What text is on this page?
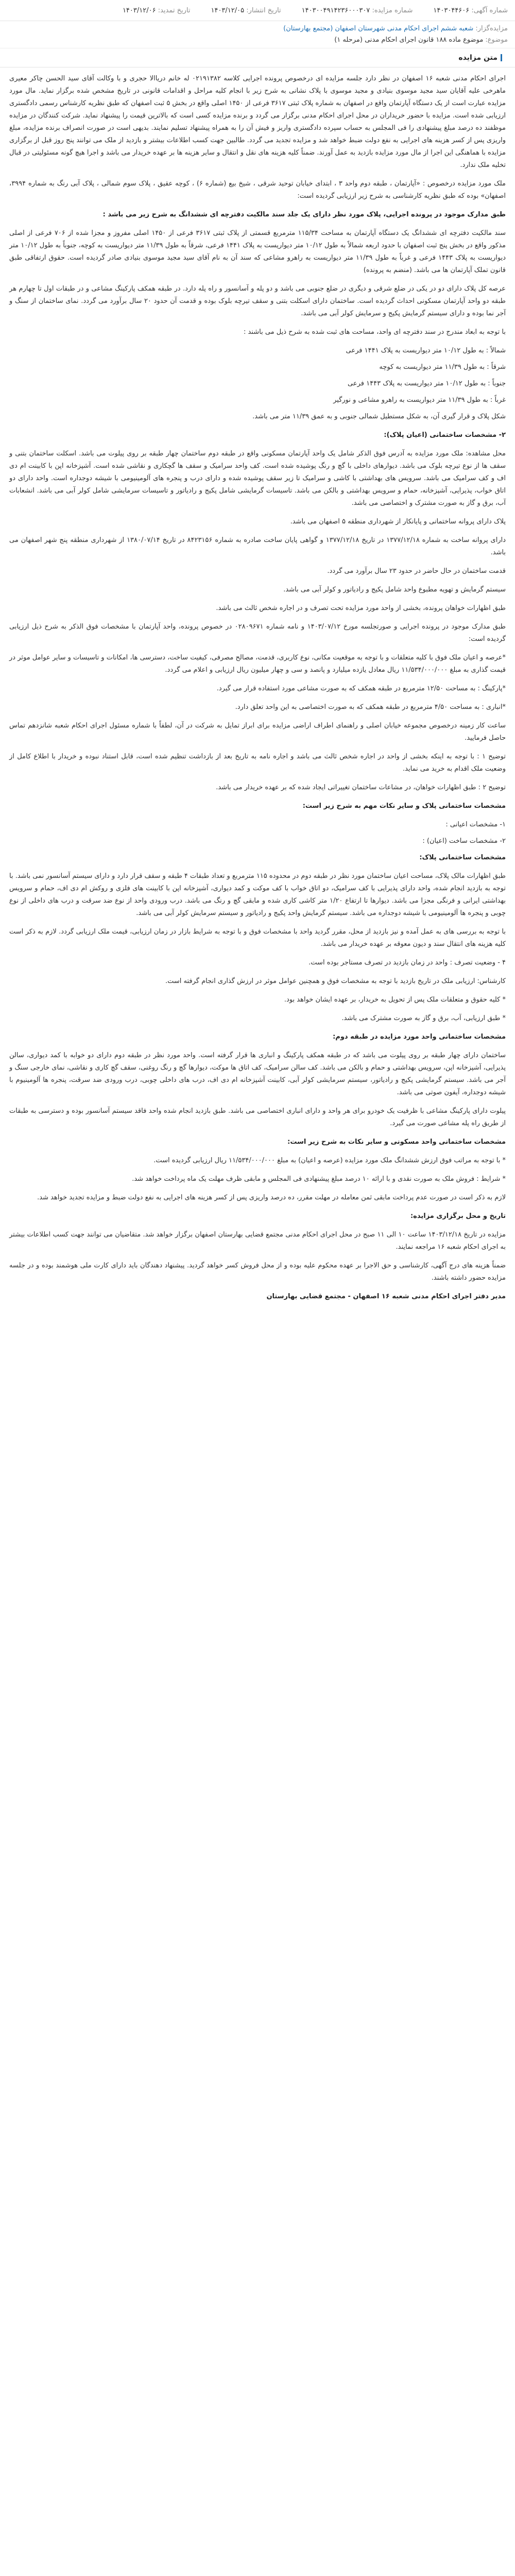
شماره آگهی: ۱۴۰۳۰۴۴۶۰۶
شماره مزایده: ۱۴۰۳۰۰۴۹۱۴۲۳۶۰۰۰۳۰۷
تاریخ انتشار: ۱۴۰۳/۱۲/۰۵
تاریخ تمدید: ۱۴۰۳/۱۲/۰۶
مزایده‌گزار: شعبه ششم اجرای احکام مدنی شهرستان اصفهان (مجتمع بهارستان)
موضوع: موضوع ماده ۱۸۸ قانون اجرای احکام مدنی (مرحله ۱)
متن مزایده

اجرای احکام مدنی شعبه ۱۶ اصفهان در نظر دارد جلسه مزایده ای درخصوص پرونده اجرایی کلاسه ۰۲۱۹۱۳۸۲ له خانم دریاالا حجری و با وکالت آقای سید الحسن چاکر معیری ماهرخی علیه آقایان سید مجید موسوی بنیادی و مجید موسوی با پلاک نشانی به شرح زیر با انجام کلیه مراحل و اقدامات قانونی در تاریخ مشخص شده برگزار نماید. مال مورد مزایده عبارت است از یک دستگاه آپارتمان واقع در اصفهان به شماره پلاک ثبتی ۳۶۱۷ فرعی از ۱۴۵۰ اصلی واقع در بخش ۵ ثبت اصفهان که طبق نظریه کارشناس رسمی دادگستری ارزیابی شده است. مزایده با حضور خریداران در محل اجرای احکام مدنی برگزار می گردد و برنده مزایده کسی است که بالاترین قیمت را پیشنهاد نماید. شرکت کنندگان در مزایده موظفند ده درصد مبلغ پیشنهادی را فی المجلس به حساب سپرده دادگستری واریز و فیش آن را به همراه پیشنهاد تسلیم نمایند. بدیهی است در صورت انصراف برنده مزایده، مبلغ واریزی پس از کسر هزینه های اجرایی به نفع دولت ضبط خواهد شد و مزایده تجدید می گردد. طالبین جهت کسب اطلاعات بیشتر و بازدید از ملک می توانند پنج روز قبل از برگزاری مزایده با هماهنگی این اجرا از مال مورد مزایده بازدید به عمل آورند. ضمناً کلیه هزینه های نقل و انتقال و سایر هزینه ها بر عهده خریدار می باشد و اجرا هیچ گونه مسئولیتی در قبال تخلیه ملک ندارد.

ملک مورد مزایده درخصوص : «آپارتمان ، طبقه دوم واحد ۳ ، ابتدای خیابان توحید شرقی ، شیخ بیع (شماره ۶) ، کوچه عقیق ، پلاک سوم شمالی ، پلاک آبی رنگ به شماره ۳۹۹۴، اصفهان» بوده که طبق نظریه کارشناسی به شرح زیر ارزیابی گردیده است:

طبق مدارک موجود در پرونده اجرایی، پلاک مورد نظر دارای یک جلد سند مالکیت دفترچه ای ششدانگ به شرح زیر می باشد :

سند مالکیت دفترچه ای ششدانگ یک دستگاه آپارتمان به مساحت ۱۱۵/۳۴ مترمربع قسمتی از پلاک ثبتی ۳۶۱۷ فرعی از ۱۴۵۰ اصلی مفروز و مجزا شده از ۷۰۶ فرعی از اصلی مذکور واقع در بخش پنج ثبت اصفهان با حدود اربعه شمالاً به طول ۱۰/۱۲ متر دیواریست به پلاک ۱۴۴۱ فرعی، شرقاً به طول ۱۱/۳۹ متر دیواریست به کوچه، جنوباً به طول ۱۰/۱۲ متر دیواریست به پلاک ۱۴۴۳ فرعی و غرباً به طول ۱۱/۳۹ متر دیواریست به راهرو مشاعی که سند آن به نام آقای سید مجید موسوی بنیادی صادر گردیده است. حقوق ارتفاقی طبق قانون تملک آپارتمان ها می باشد. (منضم به پرونده)

عرصه کل پلاک دارای دو در یکی در ضلع شرقی و دیگری در ضلع جنوبی می باشد و دو پله و آسانسور و راه پله دارد. در طبقه همکف پارکینگ مشاعی و در طبقات اول تا چهارم هر طبقه دو واحد آپارتمان مسکونی احداث گردیده است. ساختمان دارای اسکلت بتنی و سقف تیرچه بلوک بوده و قدمت آن حدود ۲۰ سال برآورد می گردد. نمای ساختمان از سنگ و آجر نما بوده و دارای سیستم گرمایش پکیج و سرمایش کولر آبی می باشد.

با توجه به ابعاد مندرج در سند دفترچه ای واحد، مساحت های ثبت شده به شرح ذیل می باشند :

شمالاً : به طول ۱۰/۱۲ متر دیواریست به پلاک ۱۴۴۱ فرعی

شرقاً : به طول ۱۱/۳۹ متر دیواریست به کوچه

جنوباً : به طول ۱۰/۱۲ متر دیواریست به پلاک ۱۴۴۳ فرعی

غرباً : به طول ۱۱/۳۹ متر دیواریست به راهرو مشاعی و نورگیر

شکل پلاک و قرار گیری آن، به شکل مستطیل شمالی جنوبی و به عمق ۱۱/۳۹ متر می باشد.

۲- مشخصات ساختمانی (اعیان پلاک):

محل مشاهده: ملک مورد مزایده به آدرس فوق الذکر شامل یک واحد آپارتمان مسکونی واقع در طبقه دوم ساختمان چهار طبقه بر روی پیلوت می باشد. اسکلت ساختمان بتنی و سقف ها از نوع تیرچه بلوک می باشد. دیوارهای داخلی با گچ و رنگ پوشیده شده است. کف واحد سرامیک و سقف ها گچکاری و نقاشی شده است. آشپزخانه اپن با کابینت ام دی اف و کف سرامیک می باشد. سرویس های بهداشتی با کاشی و سرامیک تا زیر سقف پوشیده شده و دارای درب و پنجره های آلومینیومی با شیشه دوجداره است. واحد دارای دو اتاق خواب، پذیرایی، آشپزخانه، حمام و سرویس بهداشتی و بالکن می باشد. تاسیسات گرمایشی شامل پکیج و رادیاتور و تاسیسات سرمایشی شامل کولر آبی می باشد. انشعابات آب، برق و گاز به صورت مشترک و اختصاصی می باشد.

پلاک دارای پروانه ساختمانی و پایانکار از شهرداری منطقه ۵ اصفهان می باشد.

دارای پروانه ساخت به شماره ۱۳۷۷/۱۲/۱۸ در تاریخ ۱۳۷۷/۱۲/۱۸ و گواهی پایان ساخت صادره به شماره ۸۴۲۳۱۵۶ در تاریخ ۱۳۸۰/۰۷/۱۴ از شهرداری منطقه پنج شهر اصفهان می باشد.

قدمت ساختمان در حال حاضر در حدود ۲۳ سال برآورد می گردد.

سیستم گرمایش و تهویه مطبوع واحد شامل پکیج و رادیاتور و کولر آبی می باشد.

طبق اظهارات خواهان پرونده، بخشی از واحد مورد مزایده تحت تصرف و در اجاره شخص ثالث می باشد.

طبق مدارک موجود در پرونده اجرایی و صورتجلسه مورخ ۱۴۰۳/۰۷/۱۲ و نامه شماره ۰۲۸۰۹۶۷۱ در خصوص پرونده، واحد آپارتمان با مشخصات فوق الذکر به شرح ذیل ارزیابی گردیده است:

*عرصه و اعیان ملک فوق با کلیه متعلقات و با توجه به موقعیت مکانی، نوع کاربری، قدمت، مصالح مصرفی، کیفیت ساخت، دسترسی ها، امکانات و تاسیسات و سایر عوامل موثر در قیمت گذاری به مبلغ ۱۱/۵۳۴/۰۰۰/۰۰۰ ریال معادل یازده میلیارد و پانصد و سی و چهار میلیون ریال ارزیابی و اعلام می گردد.

*پارکینگ : به مساحت ۱۲/۵۰ مترمربع در طبقه همکف که به صورت مشاعی مورد استفاده قرار می گیرد.

*انباری : به مساحت ۴/۵۰ مترمربع در طبقه همکف که به صورت اختصاصی به این واحد تعلق دارد.

ساعت کار زمینه درخصوص مجموعه خیابان اصلی و راهنمای اطراف اراضی مزایده برای ابراز تمایل به شرکت در آن، لطفاً با شماره مسئول اجرای احکام شعبه شانزدهم تماس حاصل فرمایید.

توضیح ۱ : با توجه به اینکه بخشی از واحد در اجاره شخص ثالث می باشد و اجاره نامه به تاریخ بعد از بازداشت تنظیم شده است، قابل استناد نبوده و خریدار با اطلاع کامل از وضعیت ملک اقدام به خرید می نماید.

توضیح ۲ : طبق اظهارات خواهان، در مشاعات ساختمان تغییراتی ایجاد شده که بر عهده خریدار می باشد.

مشخصات ساختمانی پلاک و سایر نکات مهم به شرح زیر است:

۱- مشخصات اعیانی :

۲- مشخصات ساخت (اعیان) :

مشخصات ساختمانی پلاک:

طبق اظهارات مالک پلاک، مساحت اعیان ساختمان مورد نظر در طبقه دوم در محدوده ۱۱۵ مترمربع و تعداد طبقات ۴ طبقه و سقف قرار دارد و دارای سیستم آسانسور نمی باشد. با توجه به بازدید انجام شده، واحد دارای پذیرایی با کف سرامیک، دو اتاق خواب با کف موکت و کمد دیواری، آشپزخانه اپن با کابینت های فلزی و روکش ام دی اف، حمام و سرویس بهداشتی ایرانی و فرنگی مجزا می باشد. دیوارها تا ارتفاع ۱/۲۰ متر کاشی کاری شده و مابقی گچ و رنگ می باشد. درب ورودی واحد از نوع ضد سرقت و درب های داخلی از نوع چوبی و پنجره ها آلومینیومی با شیشه دوجداره می باشد. سیستم گرمایش واحد پکیج و رادیاتور و سیستم سرمایش کولر آبی می باشد.

با توجه به بررسی های به عمل آمده و نیز بازدید از محل، مقرر گردید واحد با مشخصات فوق و با توجه به شرایط بازار در زمان ارزیابی، قیمت ملک ارزیابی گردد. لازم به ذکر است کلیه هزینه های انتقال سند و دیون معوقه بر عهده خریدار می باشد.

۴ - وضعیت تصرف : واحد در زمان بازدید در تصرف مستاجر بوده است.

کارشناس: ارزیابی ملک در تاریخ بازدید با توجه به مشخصات فوق و همچنین عوامل موثر در ارزش گذاری انجام گرفته است.

* کلیه حقوق و متعلقات ملک پس از تحویل به خریدار، بر عهده ایشان خواهد بود.

* طبق ارزیابی، آب، برق و گاز به صورت مشترک می باشد.

مشخصات ساختمانی واحد مورد مزایده در طبقه دوم:

ساختمان دارای چهار طبقه بر روی پیلوت می باشد که در طبقه همکف پارکینگ و انباری ها قرار گرفته است. واحد مورد نظر در طبقه دوم دارای دو خوابه با کمد دیواری، سالن پذیرایی، آشپزخانه اپن، سرویس بهداشتی و حمام و بالکن می باشد. کف سالن سرامیک، کف اتاق ها موکت، دیوارها گچ و رنگ روغنی، سقف گچ کاری و نقاشی، نمای خارجی سنگ و آجر می باشد. سیستم گرمایشی پکیج و رادیاتور، سیستم سرمایشی کولر آبی، کابینت آشپزخانه ام دی اف، درب های داخلی چوبی، درب ورودی ضد سرقت، پنجره ها آلومینیوم با شیشه دوجداره، آیفون صوتی می باشد.

پیلوت دارای پارکینگ مشاعی با ظرفیت یک خودرو برای هر واحد و دارای انباری اختصاصی می باشد. طبق بازدید انجام شده واحد فاقد سیستم آسانسور بوده و دسترسی به طبقات از طریق راه پله مشاعی صورت می گیرد.

مشخصات ساختمانی واحد مسکونی و سایر نکات به شرح زیر است:

* با توجه به مراتب فوق ارزش ششدانگ ملک مورد مزایده (عرصه و اعیان) به مبلغ ۱۱/۵۳۴/۰۰۰/۰۰۰ ریال ارزیابی گردیده است.

* شرایط : فروش ملک به صورت نقدی و با ارائه ۱۰ درصد مبلغ پیشنهادی فی المجلس و مابقی ظرف مهلت یک ماه پرداخت خواهد شد.

لازم به ذکر است در صورت عدم پرداخت مابقی ثمن معامله در مهلت مقرر، ده درصد واریزی پس از کسر هزینه های اجرایی به نفع دولت ضبط و مزایده تجدید خواهد شد.

تاریخ و محل برگزاری مزایده:

مزایده در تاریخ ۱۴۰۳/۱۲/۱۸ ساعت ۱۰ الی ۱۱ صبح در محل اجرای احکام مدنی مجتمع قضایی بهارستان اصفهان برگزار خواهد شد. متقاضیان می توانند جهت کسب اطلاعات بیشتر به اجرای احکام شعبه ۱۶ مراجعه نمایند.

ضمناً هزینه های درج آگهی، کارشناسی و حق الاجرا بر عهده محکوم علیه بوده و از محل فروش کسر خواهد گردید. پیشنهاد دهندگان باید دارای کارت ملی هوشمند بوده و در جلسه مزایده حضور داشته باشند.

مدیر دفتر اجرای احکام مدنی شعبه ۱۶ اصفهان - مجتمع قضایی بهارستان
